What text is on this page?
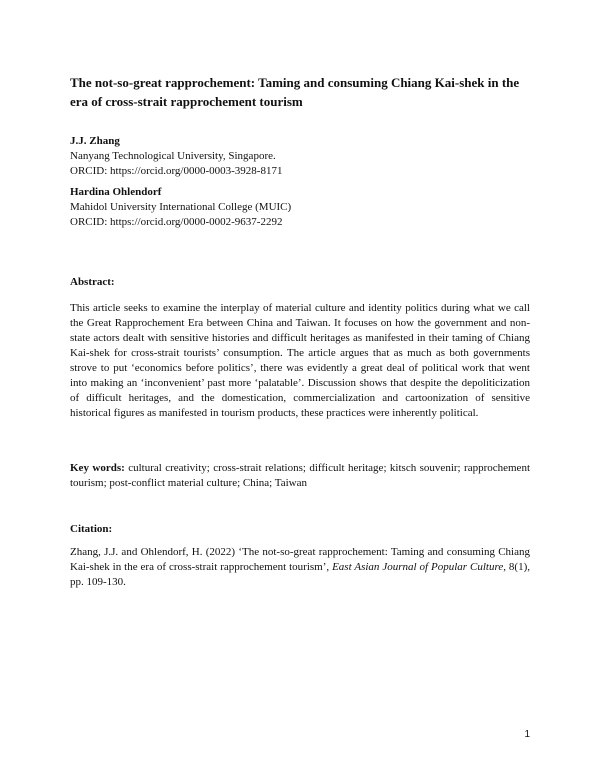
The not-so-great rapprochement: Taming and consuming Chiang Kai-shek in the era of cross-strait rapprochement tourism
J.J. Zhang
Nanyang Technological University, Singapore.
ORCID: https://orcid.org/0000-0003-3928-8171
Hardina Ohlendorf
Mahidol University International College (MUIC)
ORCID: https://orcid.org/0000-0002-9637-2292
Abstract:
This article seeks to examine the interplay of material culture and identity politics during what we call the Great Rapprochement Era between China and Taiwan. It focuses on how the government and non-state actors dealt with sensitive histories and difficult heritages as manifested in their taming of Chiang Kai-shek for cross-strait tourists’ consumption. The article argues that as much as both governments strove to put ‘economics before politics’, there was evidently a great deal of political work that went into making an ‘inconvenient’ past more ‘palatable’. Discussion shows that despite the depoliticization of difficult heritages, and the domestication, commercialization and cartoonization of sensitive historical figures as manifested in tourism products, these practices were inherently political.
Key words: cultural creativity; cross-strait relations; difficult heritage; kitsch souvenir; rapprochement tourism; post-conflict material culture; China; Taiwan
Citation:
Zhang, J.J. and Ohlendorf, H. (2022) ‘The not-so-great rapprochement: Taming and consuming Chiang Kai-shek in the era of cross-strait rapprochement tourism’, East Asian Journal of Popular Culture, 8(1), pp. 109-130.
1
